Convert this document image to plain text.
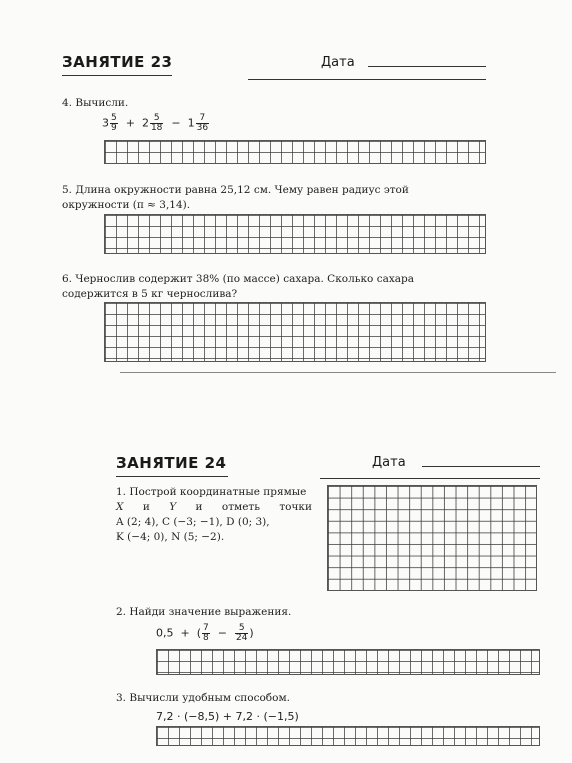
ЗАНЯТИЕ 23	Дата
4. Вычисли.
$3 \frac{5}{9} + 2 \frac{5}{18} - 1 \frac{7}{36}$
5. Длина окружности равна 25,12 см. Чему равен радиус этой
окружности (π ≈ 3,14).
6. Чернослив содержит 38% (по массе) сахара. Сколько сахара
содержится в 5 кг чернослива?
ЗАНЯТИЕ 24	Дата
1. Построй координатные прямые
X и Y и отметь точки
A (2; 4), C (−3; −1), D (0; 3),
K (−4; 0), N (5; −2).
2. Найди значение выражения.
0,5 + ( $\frac{7}{8} - \frac{5}{24}$ )
3. Вычисли удобным способом.
7,2 · (−8,5) + 7,2 · (−1,5)
